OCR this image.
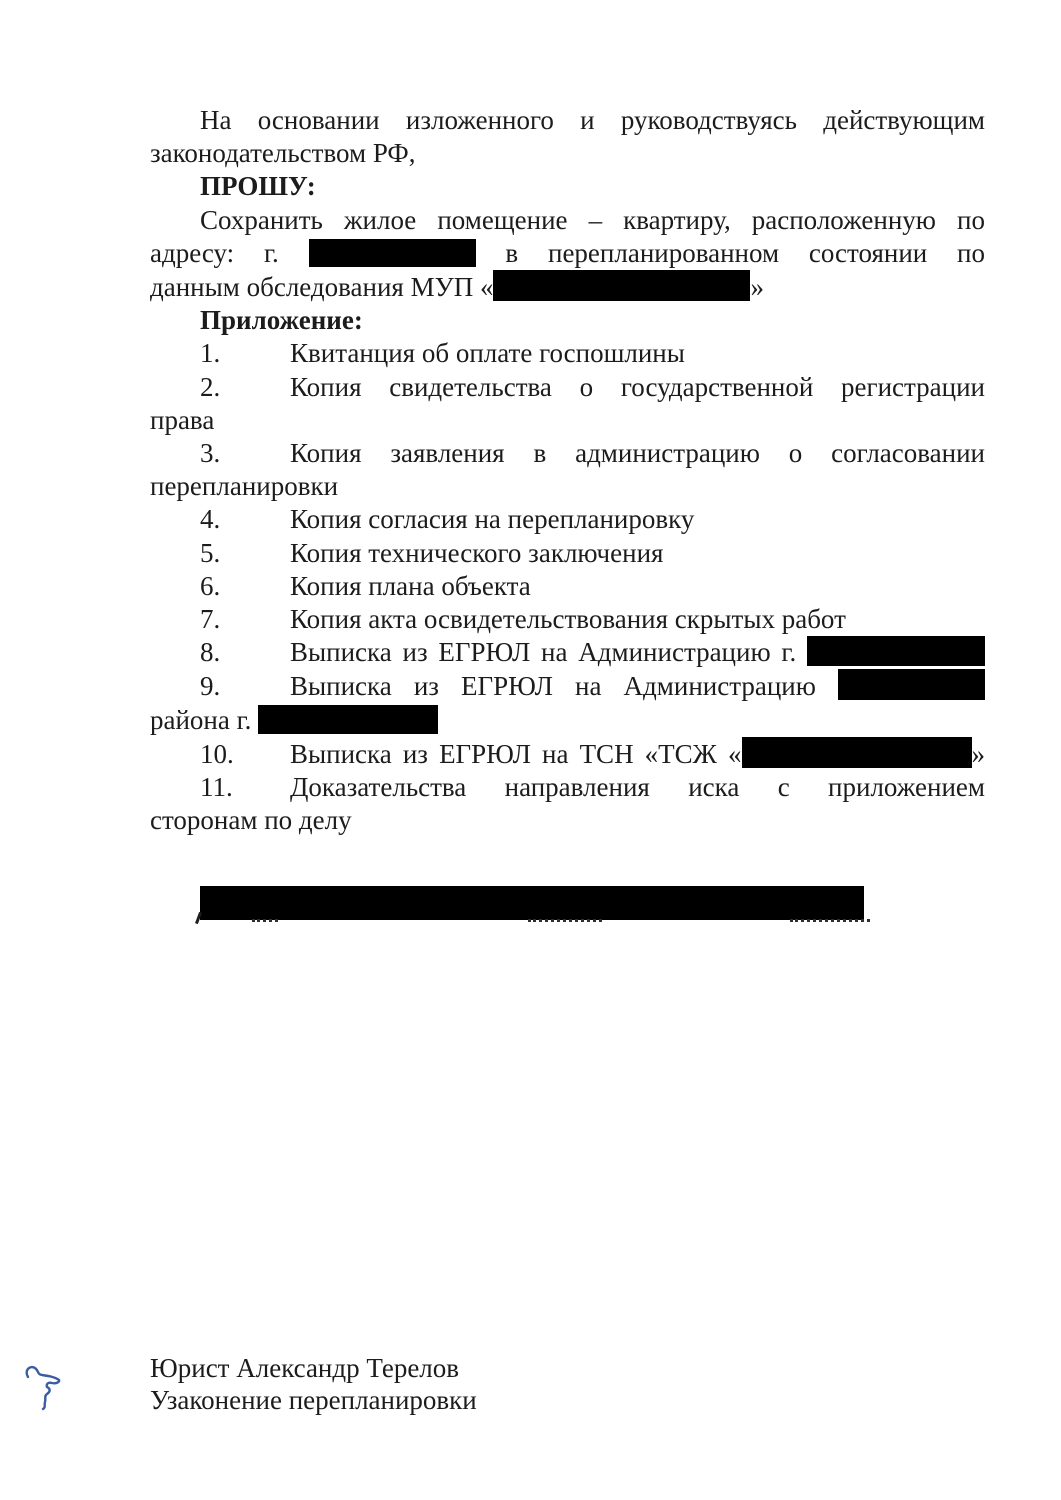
На основании изложенного и руководствуясь действующим
законодательством РФ,
ПРОШУ:
Сохранить жилое помещение – квартиру, расположенную по
адресу: г.	в перепланированном состоянии по
данным обследования МУП «	»
Приложение:
1.	Квитанция об оплате госпошлины
2.	Копия свидетельства о государственной регистрации
права
3.	Копия заявления в администрацию о согласовании
перепланировки
4.	Копия согласия на перепланировку
5.	Копия технического заключения
6.	Копия плана объекта
7.	Копия акта освидетельствования скрытых работ
8.	Выписка из ЕГРЮЛ на Администрацию г.
9.	Выписка из ЕГРЮЛ на Администрацию
района г.
10. Выписка из ЕГРЮЛ на ТСН «ТСЖ «	»
11. Доказательства направления иска с приложением
сторонам по делу
Юрист Александр Терелов
Узаконение перепланировки
